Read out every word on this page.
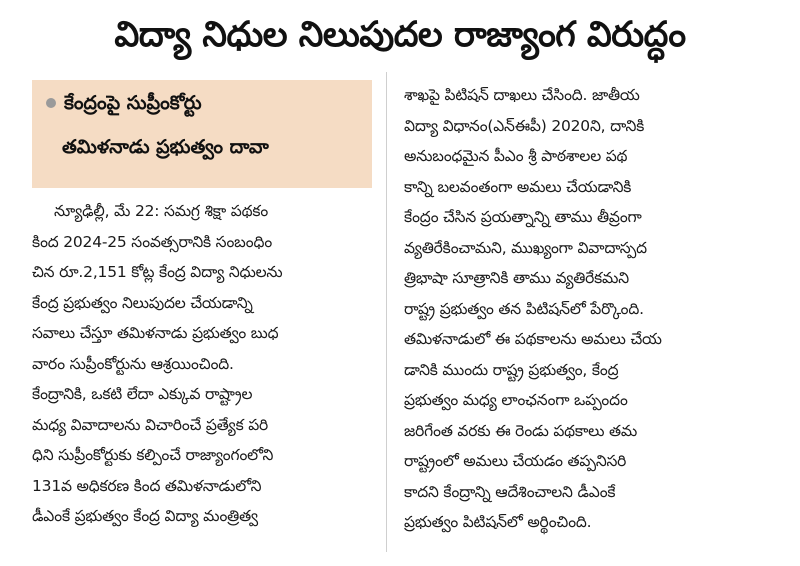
విద్యా నిధుల నిలుపుదల రాజ్యాంగ విరుద్ధం
కేంద్రంపై సుప్రీంకోర్టు
తమిళనాడు ప్రభుత్వం దావా
న్యూఢిల్లీ, మే 22: సమగ్ర శిక్షా పథకం
కింద 2024-25 సంవత్సరానికి సంబంధిం
చిన రూ.2,151 కోట్ల కేంద్ర విద్యా నిధులను
కేంద్ర ప్రభుత్వం నిలుపుదల చేయడాన్ని
సవాలు చేస్తూ తమిళనాడు ప్రభుత్వం బుధ
వారం సుప్రీంకోర్టును ఆశ్రయించింది.
కేంద్రానికి, ఒకటి లేదా ఎక్కువ రాష్ట్రాల
మధ్య వివాదాలను విచారించే ప్రత్యేక పరి
ధిని సుప్రీంకోర్టుకు కల్పించే రాజ్యాంగంలోని
131వ అధికరణ కింద తమిళనాడులోని
డీఎంకే ప్రభుత్వం కేంద్ర విద్యా మంత్రిత్వ
శాఖపై పిటిషన్ దాఖలు చేసింది. జాతీయ
విద్యా విధానం(ఎన్ఈపీ) 2020ని, దానికి
అనుబంధమైన పీఎం శ్రీ పాఠశాలల పథ
కాన్ని బలవంతంగా అమలు చేయడానికి
కేంద్రం చేసిన ప్రయత్నాన్ని తాము తీవ్రంగా
వ్యతిరేకించామని, ముఖ్యంగా వివాదాస్పద
త్రిభాషా సూత్రానికి తాము వ్యతిరేకమని
రాష్ట్ర ప్రభుత్వం తన పిటిషన్‌లో పేర్కొంది.
తమిళనాడులో ఈ పథకాలను అమలు చేయ
డానికి ముందు రాష్ట్ర ప్రభుత్వం, కేంద్ర
ప్రభుత్వం మధ్య లాంఛనంగా ఒప్పందం
జరిగేంత వరకు ఈ రెండు పథకాలు తమ
రాష్ట్రంలో అమలు చేయడం తప్పనిసరి
కాదని కేంద్రాన్ని ఆదేశించాలని డీఎంకే
ప్రభుత్వం పిటిషన్‌లో అర్థించింది.
